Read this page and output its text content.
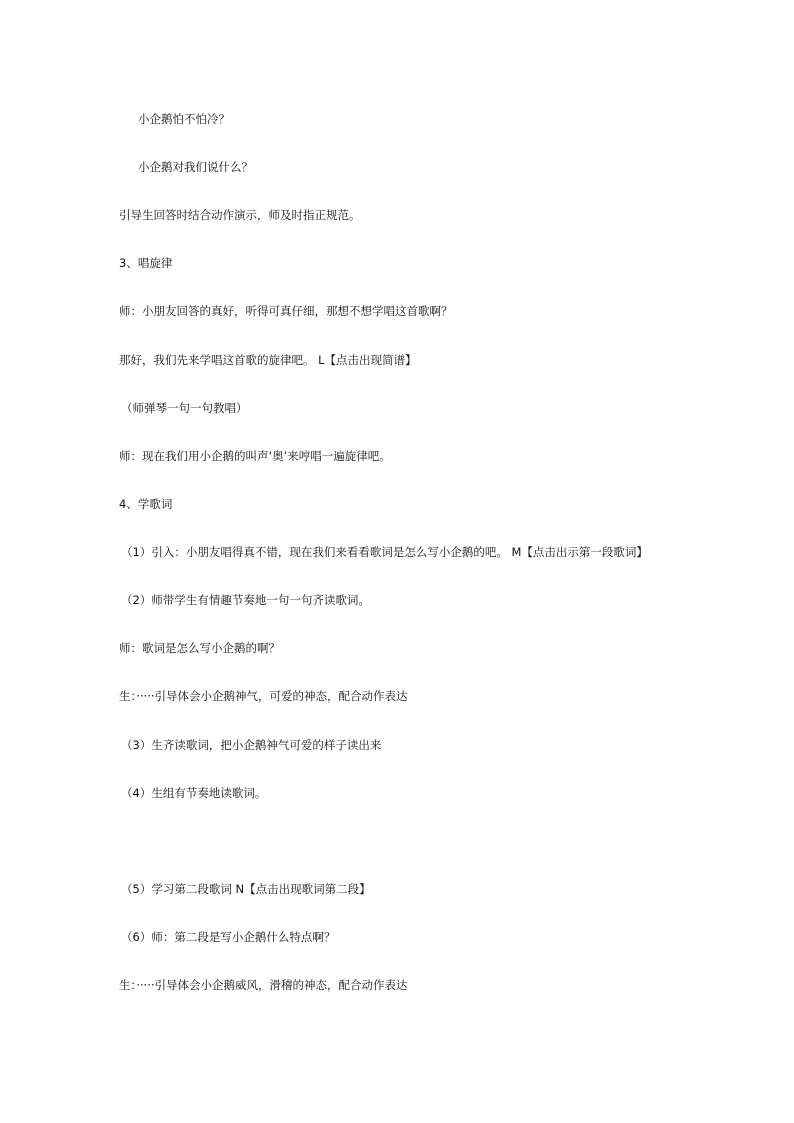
小企鹅怕不怕冷？
小企鹅对我们说什么？
引导生回答时结合动作演示，师及时指正规范。
3、唱旋律
师：小朋友回答的真好，听得可真仔细，那想不想学唱这首歌啊？
那好，我们先来学唱这首歌的旋律吧。 L【点击出现简谱】
（师弹琴一句一句教唱）
师：现在我们用小企鹅的叫声‘奥’来哼唱一遍旋律吧。
4、学歌词
（1）引入：小朋友唱得真不错，现在我们来看看歌词是怎么写小企鹅的吧。 M【点击出示第一段歌词】
（2）师带学生有情趣节奏地一句一句齐读歌词。
师：歌词是怎么写小企鹅的啊？
生：·····引导体会小企鹅神气，可爱的神态，配合动作表达
（3）生齐读歌词，把小企鹅神气可爱的样子读出来
（4）生组有节奏地读歌词。
（5）学习第二段歌词 N【点击出现歌词第二段】
（6）师：第二段是写小企鹅什么特点啊？
生：·····引导体会小企鹅威风，滑稽的神态，配合动作表达
